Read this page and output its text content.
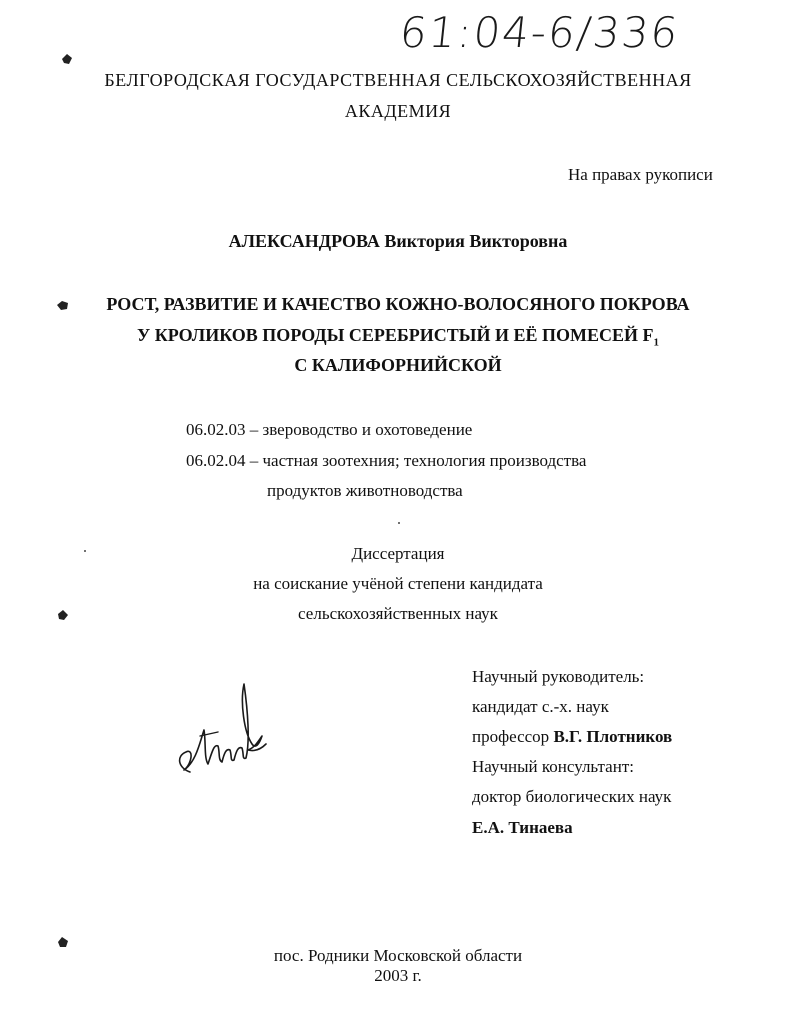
61:04-6/336
БЕЛГОРОДСКАЯ ГОСУДАРСТВЕННАЯ СЕЛЬСКОХОЗЯЙСТВЕННАЯ
АКАДЕМИЯ
На правах рукописи
АЛЕКСАНДРОВА Виктория Викторовна
РОСТ, РАЗВИТИЕ И КАЧЕСТВО КОЖНО-ВОЛОСЯНОГО ПОКРОВА
У КРОЛИКОВ ПОРОДЫ СЕРЕБРИСТЫЙ И ЕЁ ПОМЕСЕЙ $F_1$
С КАЛИФОРНИЙСКОЙ
06.02.03 – звероводство и охотоведение
06.02.04 – частная зоотехния; технология производства
продуктов животноводства
Диссертация
на соискание учёной степени кандидата
сельскохозяйственных наук
Научный руководитель:
кандидат с.-х. наук
профессор В.Г. Плотников
Научный консультант:
доктор биологических наук
Е.А. Тинаева
пос. Родники Московской области
2003 г.
